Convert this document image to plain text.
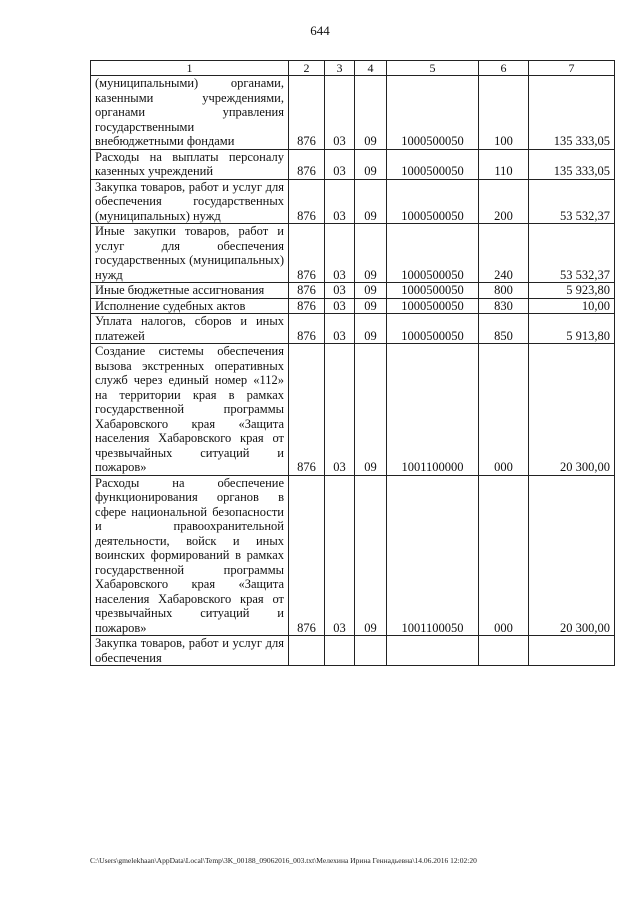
644
1	2	3	4	5	6	7
(муниципальными) органами, казенными учреждениями, органами управления государственными внебюджетными фондами	876	03	09	1000500050	100	135 333,05
Расходы на выплаты персоналу казенных учреждений	876	03	09	1000500050	110	135 333,05
Закупка товаров, работ и услуг для обеспечения государственных (муниципальных) нужд	876	03	09	1000500050	200	53 532,37
Иные закупки товаров, работ и услуг для обеспечения государственных (муниципальных) нужд	876	03	09	1000500050	240	53 532,37
Иные бюджетные ассигнования	876	03	09	1000500050	800	5 923,80
Исполнение судебных актов	876	03	09	1000500050	830	10,00
Уплата налогов, сборов и иных платежей	876	03	09	1000500050	850	5 913,80
Создание системы обеспечения вызова экстренных оперативных служб через единый номер «112» на территории края в рамках государственной программы Хабаровского края «Защита населения Хабаровского края от чрезвычайных ситуаций и пожаров»	876	03	09	1001100000	000	20 300,00
Расходы на обеспечение функционирования органов в сфере национальной безопасности и правоохранительной деятельности, войск и иных воинских формирований в рамках государственной программы Хабаровского края «Защита населения Хабаровского края от чрезвычайных ситуаций и пожаров»	876	03	09	1001100050	000	20 300,00
Закупка товаров, работ и услуг для обеспечения						
C:\Users\gmelekhaan\AppData\Local\Temp\3K_00188_09062016_003.txt\Мелехина Ирина Геннадьевна\14.06.2016 12:02:20
